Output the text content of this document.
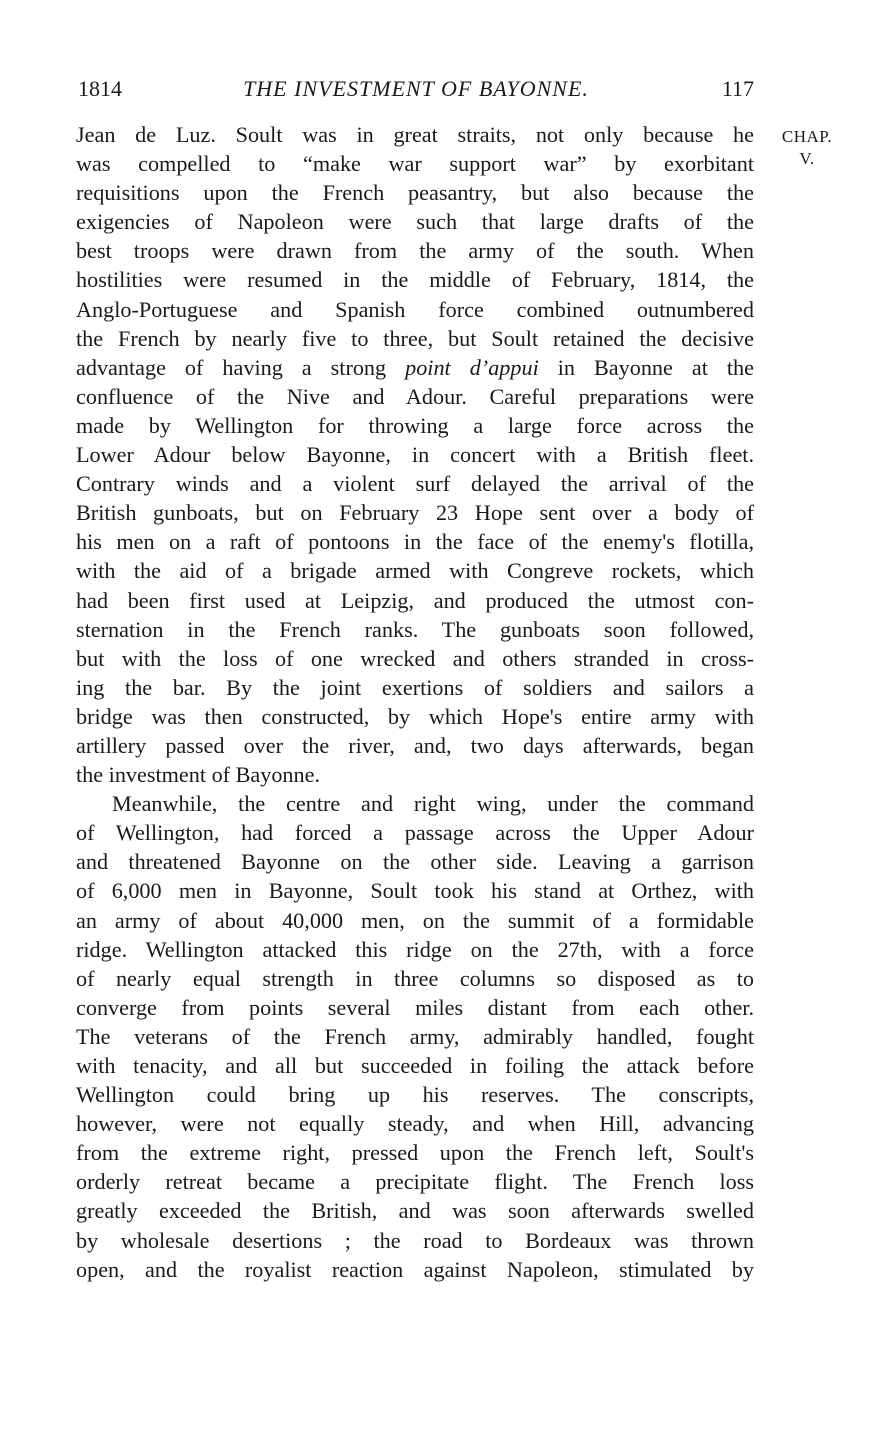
1814	THE INVESTMENT OF BAYONNE.	117
CHAP.
V.

Jean de Luz. Soult was in great straits, not only because he
was compelled to “make war support war” by exorbitant
requisitions upon the French peasantry, but also because the
exigencies of Napoleon were such that large drafts of the
best troops were drawn from the army of the south. When
hostilities were resumed in the middle of February, 1814, the
Anglo-Portuguese and Spanish force combined outnumbered
the French by nearly five to three, but Soult retained the decisive
advantage of having a strong point d’appui in Bayonne at the
confluence of the Nive and Adour. Careful preparations were
made by Wellington for throwing a large force across the
Lower Adour below Bayonne, in concert with a British fleet.
Contrary winds and a violent surf delayed the arrival of the
British gunboats, but on February 23 Hope sent over a body of
his men on a raft of pontoons in the face of the enemy's flotilla,
with the aid of a brigade armed with Congreve rockets, which
had been first used at Leipzig, and produced the utmost con-
sternation in the French ranks. The gunboats soon followed,
but with the loss of one wrecked and others stranded in cross-
ing the bar. By the joint exertions of soldiers and sailors a
bridge was then constructed, by which Hope's entire army with
artillery passed over the river, and, two days afterwards, began
the investment of Bayonne.

Meanwhile, the centre and right wing, under the command
of Wellington, had forced a passage across the Upper Adour
and threatened Bayonne on the other side. Leaving a garrison
of 6,000 men in Bayonne, Soult took his stand at Orthez, with
an army of about 40,000 men, on the summit of a formidable
ridge. Wellington attacked this ridge on the 27th, with a force
of nearly equal strength in three columns so disposed as to
converge from points several miles distant from each other.
The veterans of the French army, admirably handled, fought
with tenacity, and all but succeeded in foiling the attack before
Wellington could bring up his reserves. The conscripts,
however, were not equally steady, and when Hill, advancing
from the extreme right, pressed upon the French left, Soult's
orderly retreat became a precipitate flight. The French loss
greatly exceeded the British, and was soon afterwards swelled
by wholesale desertions ; the road to Bordeaux was thrown
open, and the royalist reaction against Napoleon, stimulated by
